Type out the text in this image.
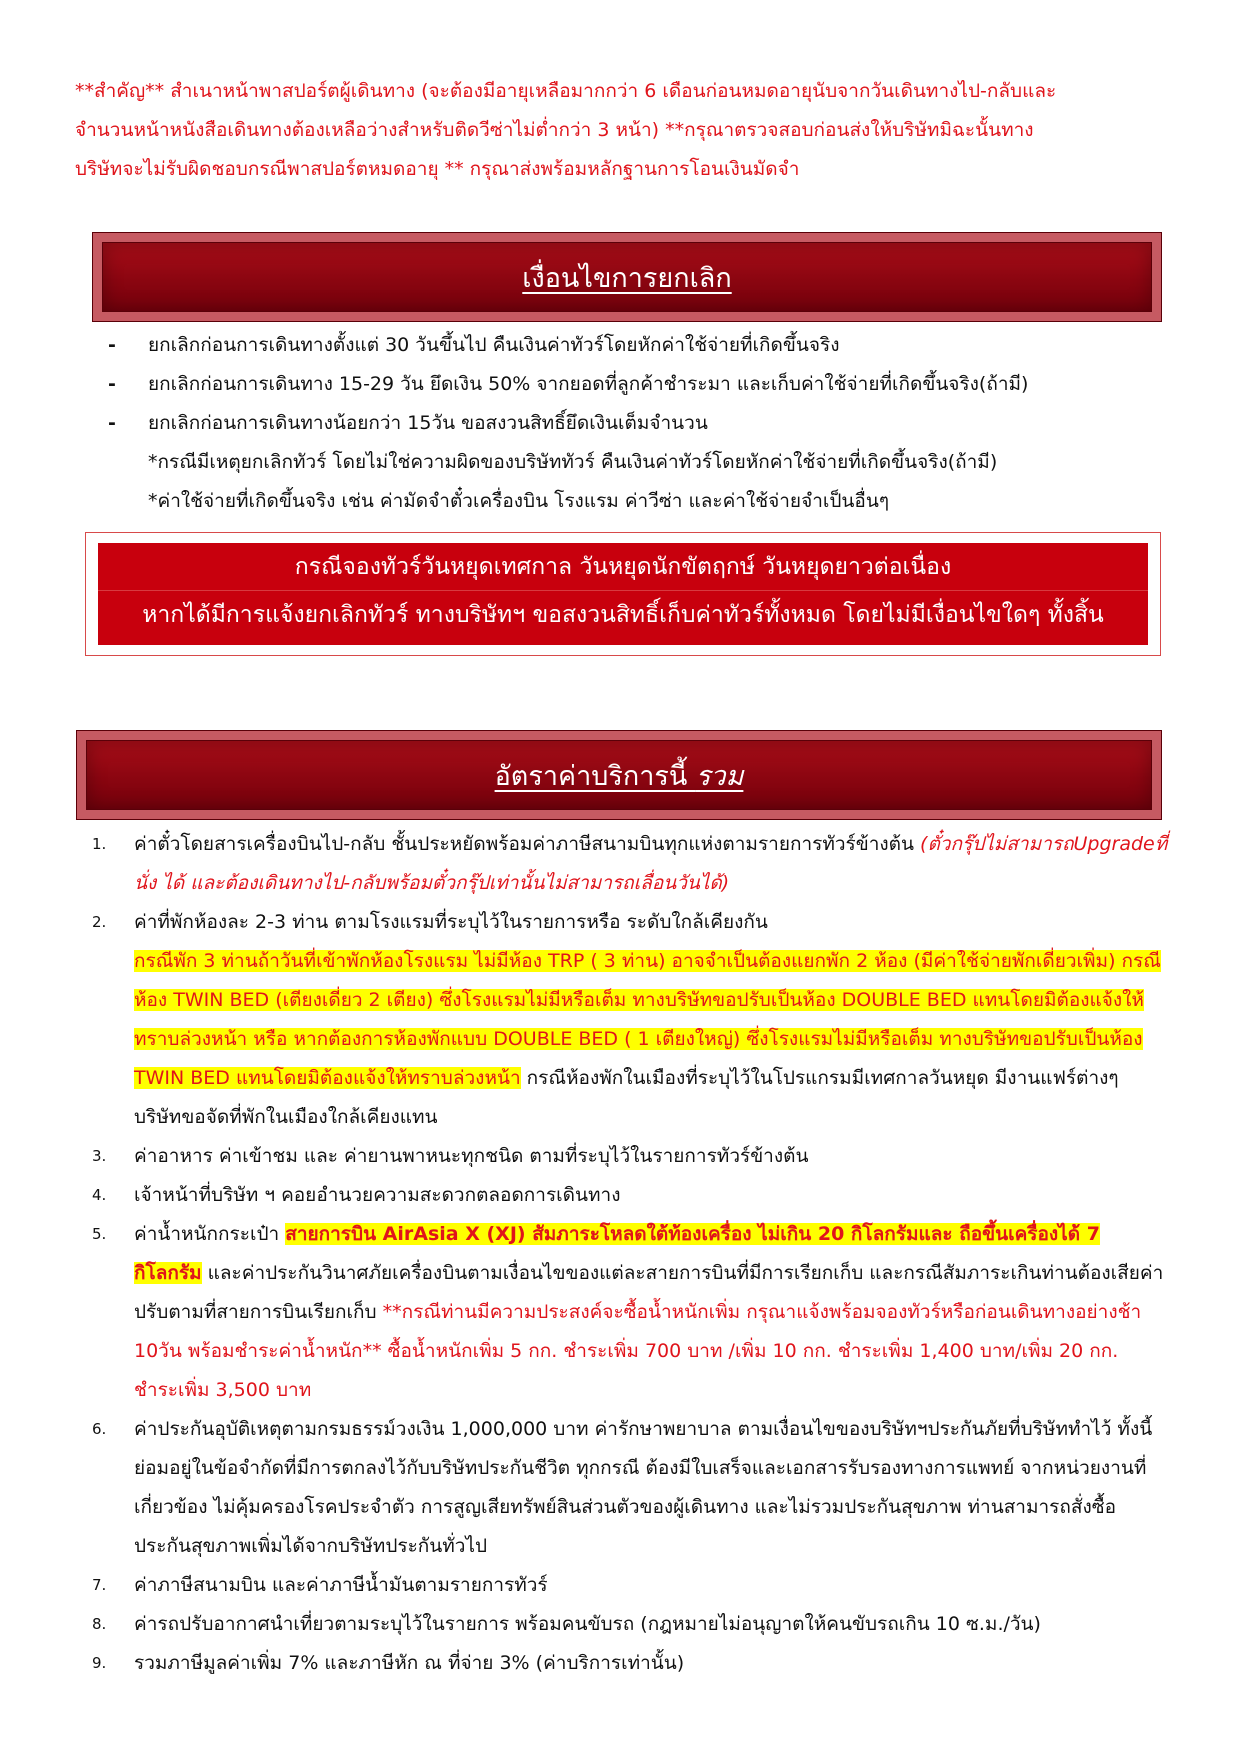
**สำคัญ** สำเนาหน้าพาสปอร์ตผู้เดินทาง (จะต้องมีอายุเหลือมากกว่า 6 เดือนก่อนหมดอายุนับจากวันเดินทางไป-กลับและ
จำนวนหน้าหนังสือเดินทางต้องเหลือว่างสำหรับติดวีซ่าไม่ต่ำกว่า 3 หน้า) **กรุณาตรวจสอบก่อนส่งให้บริษัทมิฉะนั้นทาง
บริษัทจะไม่รับผิดชอบกรณีพาสปอร์ตหมดอายุ ** กรุณาส่งพร้อมหลักฐานการโอนเงินมัดจำ
เงื่อนไขการยกเลิก
-	ยกเลิกก่อนการเดินทางตั้งแต่ 30 วันขึ้นไป คืนเงินค่าทัวร์โดยหักค่าใช้จ่ายที่เกิดขึ้นจริง
-	ยกเลิกก่อนการเดินทาง 15-29 วัน ยึดเงิน 50% จากยอดที่ลูกค้าชำระมา และเก็บค่าใช้จ่ายที่เกิดขึ้นจริง(ถ้ามี)
-	ยกเลิกก่อนการเดินทางน้อยกว่า 15วัน ขอสงวนสิทธิ์ยึดเงินเต็มจำนวน
*กรณีมีเหตุยกเลิกทัวร์ โดยไม่ใช่ความผิดของบริษัททัวร์ คืนเงินค่าทัวร์โดยหักค่าใช้จ่ายที่เกิดขึ้นจริง(ถ้ามี)
*ค่าใช้จ่ายที่เกิดขึ้นจริง เช่น ค่ามัดจำตั๋วเครื่องบิน โรงแรม ค่าวีซ่า และค่าใช้จ่ายจำเป็นอื่นๆ
กรณีจองทัวร์วันหยุดเทศกาล วันหยุดนักขัตฤกษ์ วันหยุดยาวต่อเนื่อง
หากได้มีการแจ้งยกเลิกทัวร์ ทางบริษัทฯ ขอสงวนสิทธิ์เก็บค่าทัวร์ทั้งหมด โดยไม่มีเงื่อนไขใดๆ ทั้งสิ้น
อัตราค่าบริการนี้ รวม
1.	ค่าตั๋วโดยสารเครื่องบินไป-กลับ ชั้นประหยัดพร้อมค่าภาษีสนามบินทุกแห่งตามรายการทัวร์ข้างต้น (ตั๋วกรุ๊ปไม่สามารถUpgradeที่นั่ง ได้ และต้องเดินทางไป-กลับพร้อมตั๋วกรุ๊ปเท่านั้นไม่สามารถเลื่อนวันได้)
2.	ค่าที่พักห้องละ 2-3 ท่าน ตามโรงแรมที่ระบุไว้ในรายการหรือ ระดับใกล้เคียงกัน
กรณีพัก 3 ท่านถ้าวันที่เข้าพักห้องโรงแรม ไม่มีห้อง TRP ( 3 ท่าน) อาจจำเป็นต้องแยกพัก 2 ห้อง (มีค่าใช้จ่ายพักเดี่ยวเพิ่ม) กรณีห้อง TWIN BED (เตียงเดี่ยว 2 เตียง) ซึ่งโรงแรมไม่มีหรือเต็ม ทางบริษัทขอปรับเป็นห้อง DOUBLE BED แทนโดยมิต้องแจ้งให้ทราบล่วงหน้า หรือ หากต้องการห้องพักแบบ DOUBLE BED ( 1 เตียงใหญ่) ซึ่งโรงแรมไม่มีหรือเต็ม ทางบริษัทขอปรับเป็นห้อง TWIN BED แทนโดยมิต้องแจ้งให้ทราบล่วงหน้า กรณีห้องพักในเมืองที่ระบุไว้ในโปรแกรมมีเทศกาลวันหยุด มีงานแฟร์ต่างๆ บริษัทขอจัดที่พักในเมืองใกล้เคียงแทน
3.	ค่าอาหาร ค่าเข้าชม และ ค่ายานพาหนะทุกชนิด ตามที่ระบุไว้ในรายการทัวร์ข้างต้น
4.	เจ้าหน้าที่บริษัท ฯ คอยอำนวยความสะดวกตลอดการเดินทาง
5.	ค่าน้ำหนักกระเป๋า สายการบิน AirAsia X (XJ) สัมภาระโหลดใต้ท้องเครื่อง ไม่เกิน 20 กิโลกรัมและ ถือขึ้นเครื่องได้ 7 กิโลกรัม และค่าประกันวินาศภัยเครื่องบินตามเงื่อนไขของแต่ละสายการบินที่มีการเรียกเก็บ และกรณีสัมภาระเกินท่านต้องเสียค่าปรับตามที่สายการบินเรียกเก็บ **กรณีท่านมีความประสงค์จะซื้อน้ำหนักเพิ่ม กรุณาแจ้งพร้อมจองทัวร์หรือก่อนเดินทางอย่างช้า 10วัน พร้อมชำระค่าน้ำหนัก** ซื้อน้ำหนักเพิ่ม 5 กก. ชำระเพิ่ม 700 บาท /เพิ่ม 10 กก. ชำระเพิ่ม 1,400 บาท/เพิ่ม 20 กก. ชำระเพิ่ม 3,500 บาท
6.	ค่าประกันอุบัติเหตุตามกรมธรรม์วงเงิน 1,000,000 บาท ค่ารักษาพยาบาล ตามเงื่อนไขของบริษัทฯประกันภัยที่บริษัททำไว้ ทั้งนี้ย่อมอยู่ในข้อจำกัดที่มีการตกลงไว้กับบริษัทประกันชีวิต ทุกกรณี ต้องมีใบเสร็จและเอกสารรับรองทางการแพทย์ จากหน่วยงานที่เกี่ยวข้อง ไม่คุ้มครองโรคประจำตัว การสูญเสียทรัพย์สินส่วนตัวของผู้เดินทาง และไม่รวมประกันสุขภาพ ท่านสามารถสั่งซื้อประกันสุขภาพเพิ่มได้จากบริษัทประกันทั่วไป
7.	ค่าภาษีสนามบิน และค่าภาษีน้ำมันตามรายการทัวร์
8.	ค่ารถปรับอากาศนำเที่ยวตามระบุไว้ในรายการ พร้อมคนขับรถ (กฎหมายไม่อนุญาตให้คนขับรถเกิน 10 ซ.ม./วัน)
9.	รวมภาษีมูลค่าเพิ่ม 7% และภาษีหัก ณ ที่จ่าย 3% (ค่าบริการเท่านั้น)
